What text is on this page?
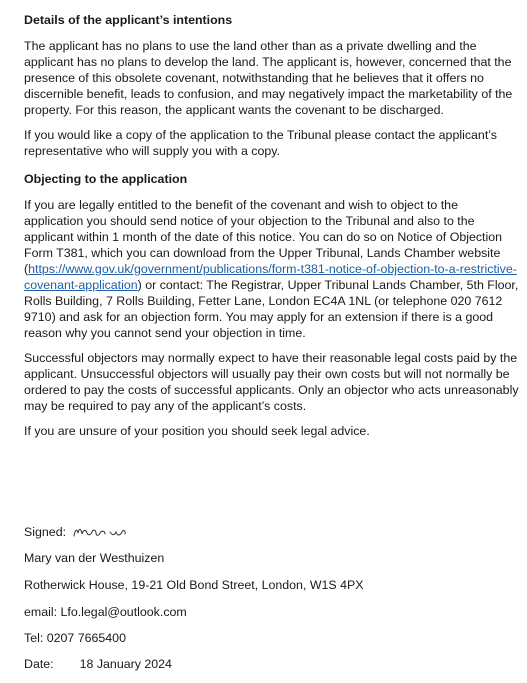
Details of the applicant’s intentions

The applicant has no plans to use the land other than as a private dwelling and the applicant has no plans to develop the land. The applicant is, however, concerned that the presence of this obsolete covenant, notwithstanding that he believes that it offers no discernible benefit, leads to confusion, and may negatively impact the marketability of the property. For this reason, the applicant wants the covenant to be discharged.

If you would like a copy of the application to the Tribunal please contact the applicant’s representative who will supply you with a copy.

Objecting to the application

If you are legally entitled to the benefit of the covenant and wish to object to the application you should send notice of your objection to the Tribunal and also to the applicant within 1 month of the date of this notice. You can do so on Notice of Objection Form T381, which you can download from the Upper Tribunal, Lands Chamber website (https://www.gov.uk/government/publications/form-t381-notice-of-objection-to-a-restrictive-covenant-application) or contact: The Registrar, Upper Tribunal Lands Chamber, 5th Floor, Rolls Building, 7 Rolls Building, Fetter Lane, London EC4A 1NL (or telephone 020 7612 9710) and ask for an objection form. You may apply for an extension if there is a good reason why you cannot send your objection in time.

Successful objectors may normally expect to have their reasonable legal costs paid by the applicant. Unsuccessful objectors will usually pay their own costs but will not normally be ordered to pay the costs of successful applicants. Only an objector who acts unreasonably may be required to pay any of the applicant’s costs.

If you are unsure of your position you should seek legal advice.

Signed:
Mary van der Westhuizen
Rotherwick House, 19-21 Old Bond Street, London, W1S 4PX
email: Lfo.legal@outlook.com
Tel: 0207 7665400
Date: 18 January 2024
